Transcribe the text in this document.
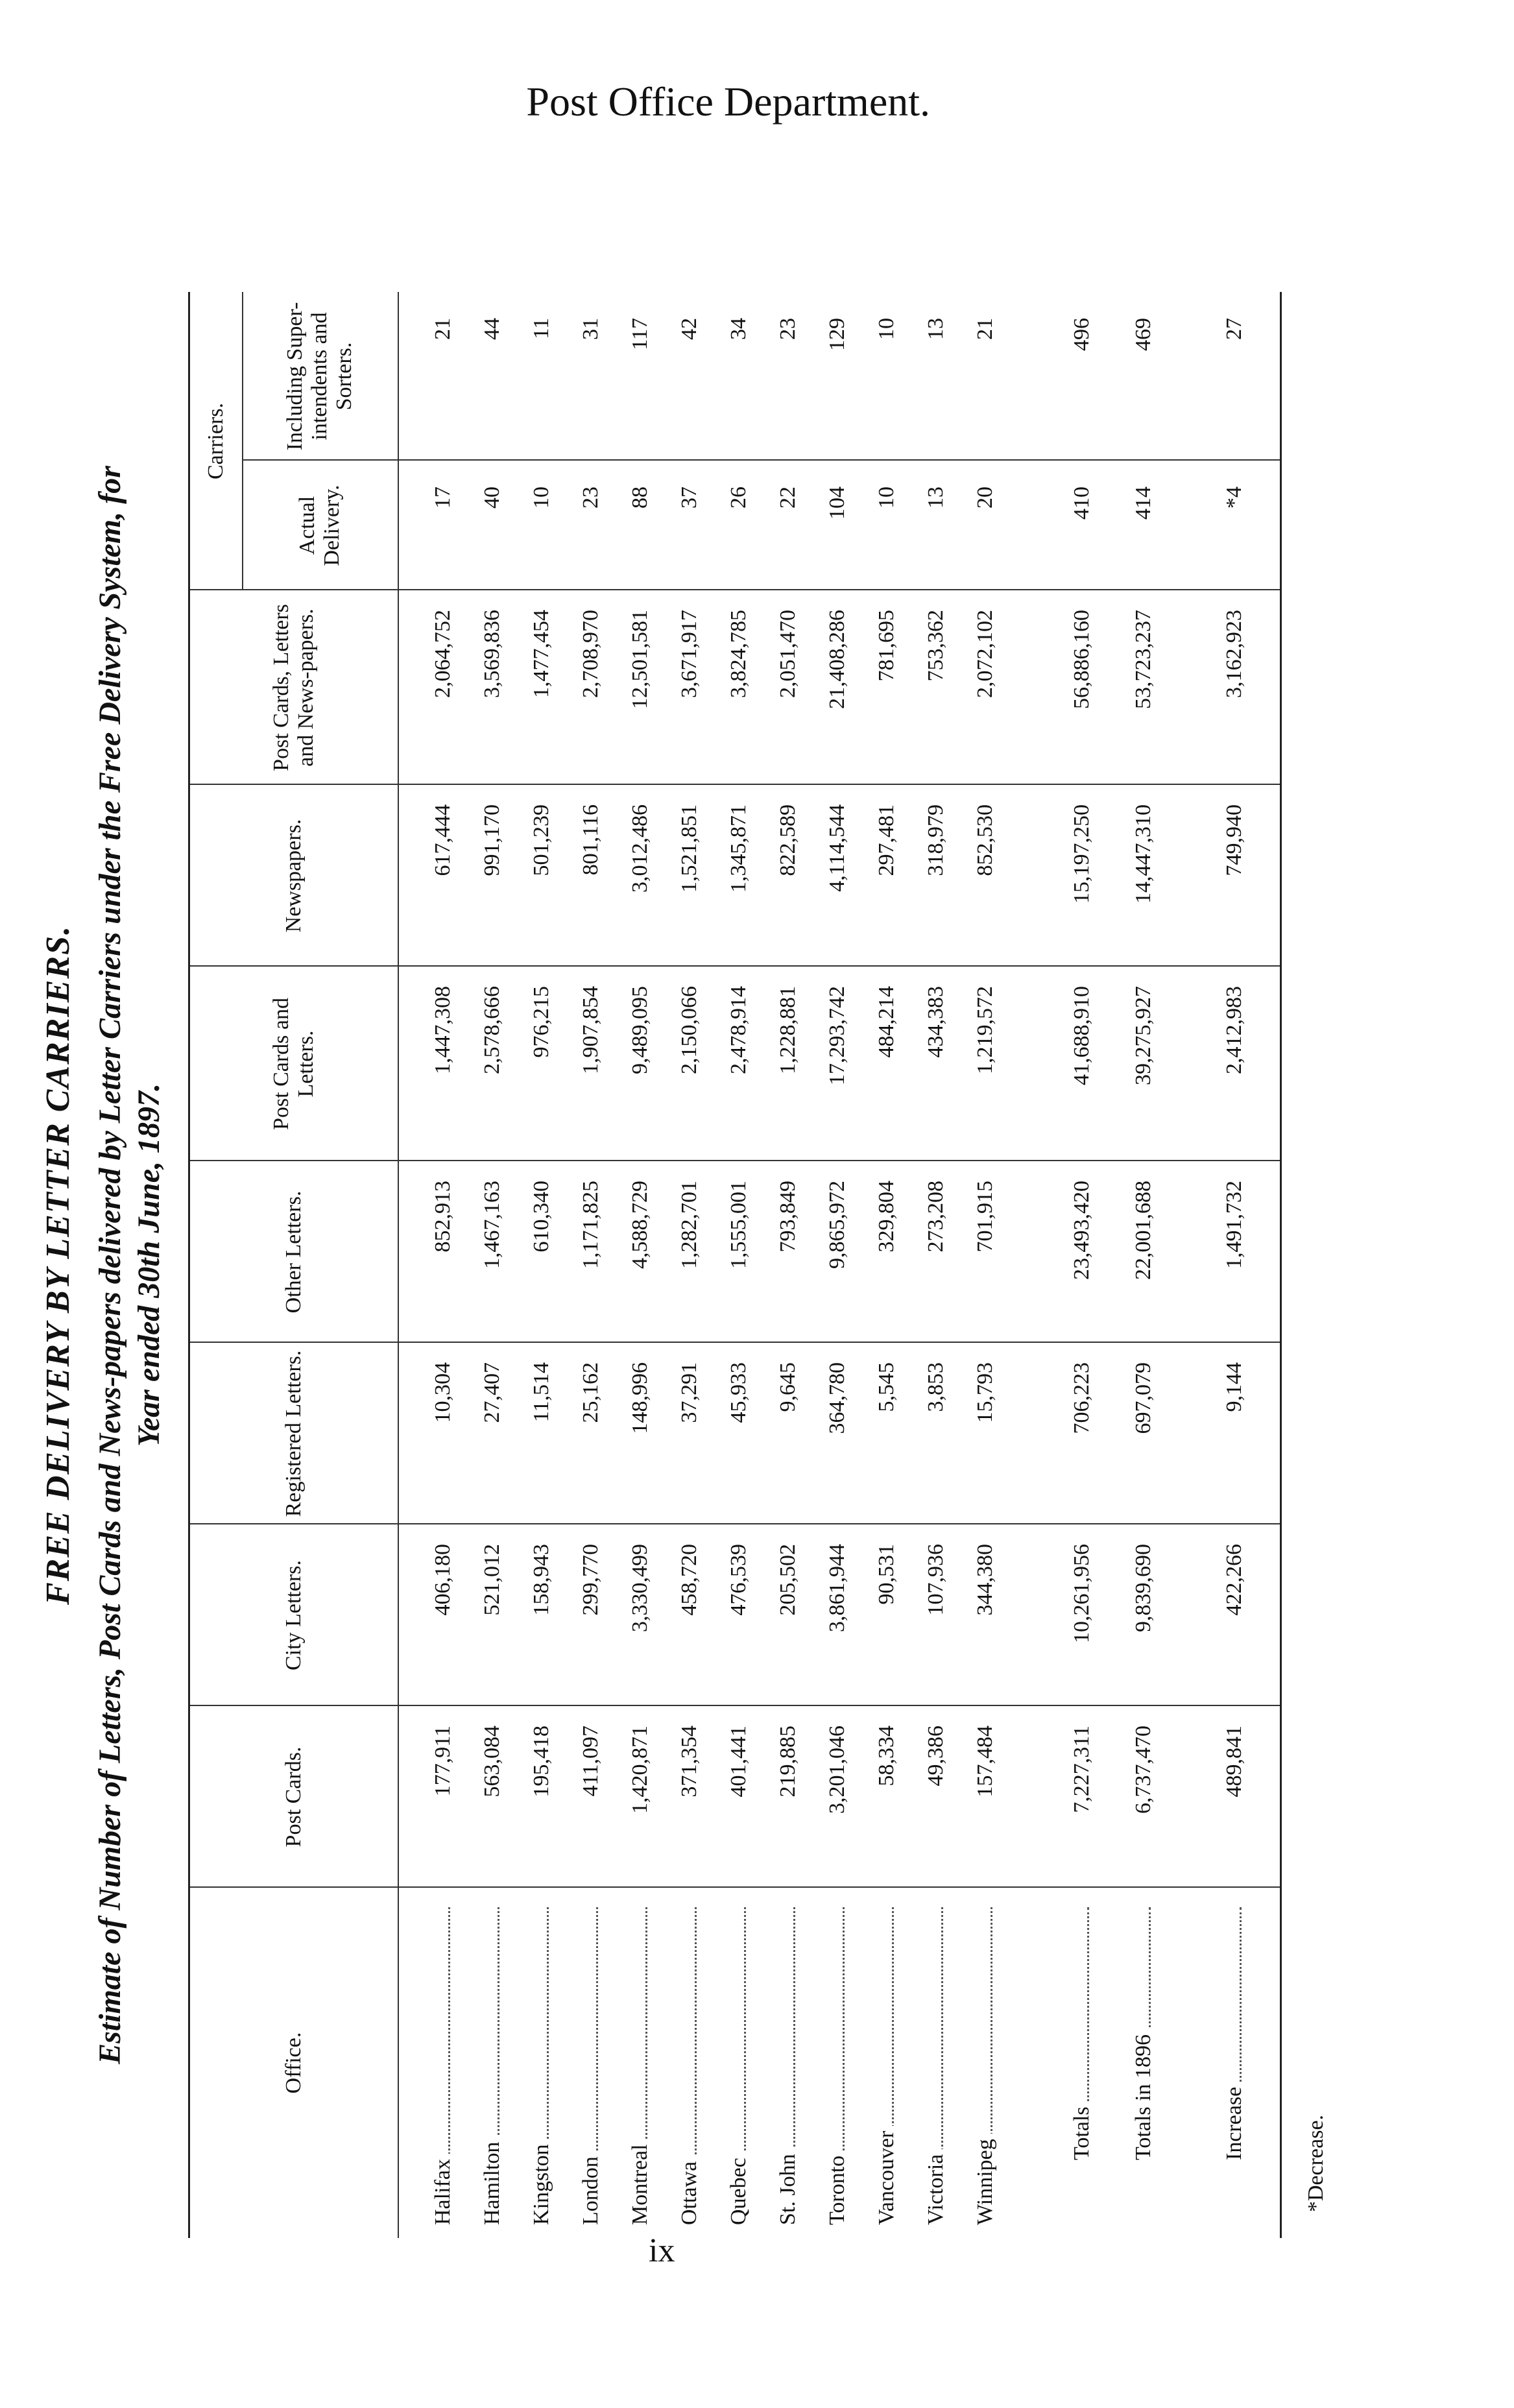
Post Office Department.
ix
FREE DELIVERY BY LETTER CARRIERS. Estimate of Number of Letters, Post Cards and News-papers delivered by Letter Carriers under the Free Delivery System, for Year ended 30th June, 1897.
Office.
Post Cards.
City Letters.
Registered Letters.
Other Letters.
Post Cards and Letters.
Newspapers.
Post Cards, Letters and News-papers.
Carriers.
Actual Delivery.
Including Super-intendents and Sorters.
Halifax
177,911
406,180
10,304
852,913
1,447,308
617,444
2,064,752
17
21
Hamilton
563,084
521,012
27,407
1,467,163
2,578,666
991,170
3,569,836
40
44
Kingston
195,418
158,943
11,514
610,340
976,215
501,239
1,477,454
10
11
London
411,097
299,770
25,162
1,171,825
1,907,854
801,116
2,708,970
23
31
Montreal
1,420,871
3,330,499
148,996
4,588,729
9,489,095
3,012,486
12,501,581
88
117
Ottawa
371,354
458,720
37,291
1,282,701
2,150,066
1,521,851
3,671,917
37
42
Quebec
401,441
476,539
45,933
1,555,001
2,478,914
1,345,871
3,824,785
26
34
St. John
219,885
205,502
9,645
793,849
1,228,881
822,589
2,051,470
22
23
Toronto
3,201,046
3,861,944
364,780
9,865,972
17,293,742
4,114,544
21,408,286
104
129
Vancouver
58,334
90,531
5,545
329,804
484,214
297,481
781,695
10
10
Victoria
49,386
107,936
3,853
273,208
434,383
318,979
753,362
13
13
Winnipeg
157,484
344,380
15,793
701,915
1,219,572
852,530
2,072,102
20
21
Totals
7,227,311
10,261,956
706,223
23,493,420
41,688,910
15,197,250
56,886,160
410
496
Totals in 1896
6,737,470
9,839,690
697,079
22,001,688
39,275,927
14,447,310
53,723,237
414
469
Increase
489,841
422,266
9,144
1,491,732
2,412,983
749,940
3,162,923
*4
27
*Decrease.
